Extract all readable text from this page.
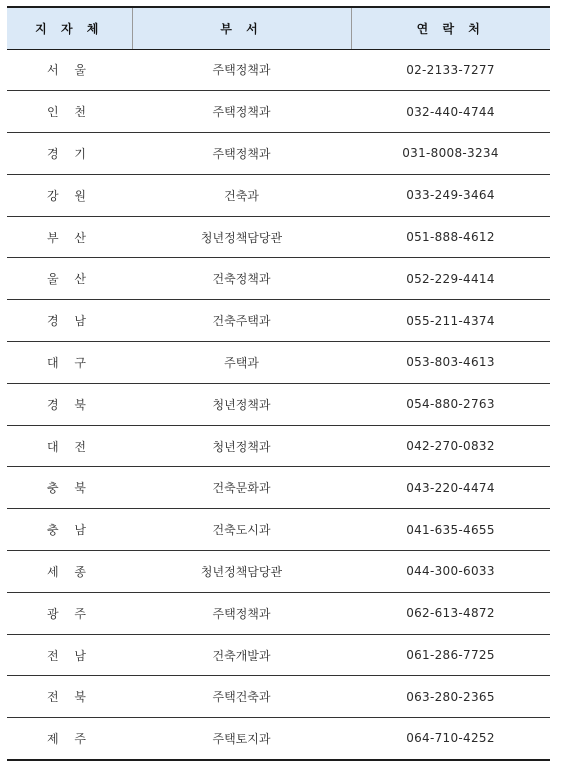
지 자 체	부 서	연 락 처
서 울	주택정책과	02-2133-7277
인 천	주택정책과	032-440-4744
경 기	주택정책과	031-8008-3234
강 원	건축과	033-249-3464
부 산	청년정책담당관	051-888-4612
울 산	건축정책과	052-229-4414
경 남	건축주택과	055-211-4374
대 구	주택과	053-803-4613
경 북	청년정책과	054-880-2763
대 전	청년정책과	042-270-0832
충 북	건축문화과	043-220-4474
충 남	건축도시과	041-635-4655
세 종	청년정책담당관	044-300-6033
광 주	주택정책과	062-613-4872
전 남	건축개발과	061-286-7725
전 북	주택건축과	063-280-2365
제 주	주택토지과	064-710-4252
